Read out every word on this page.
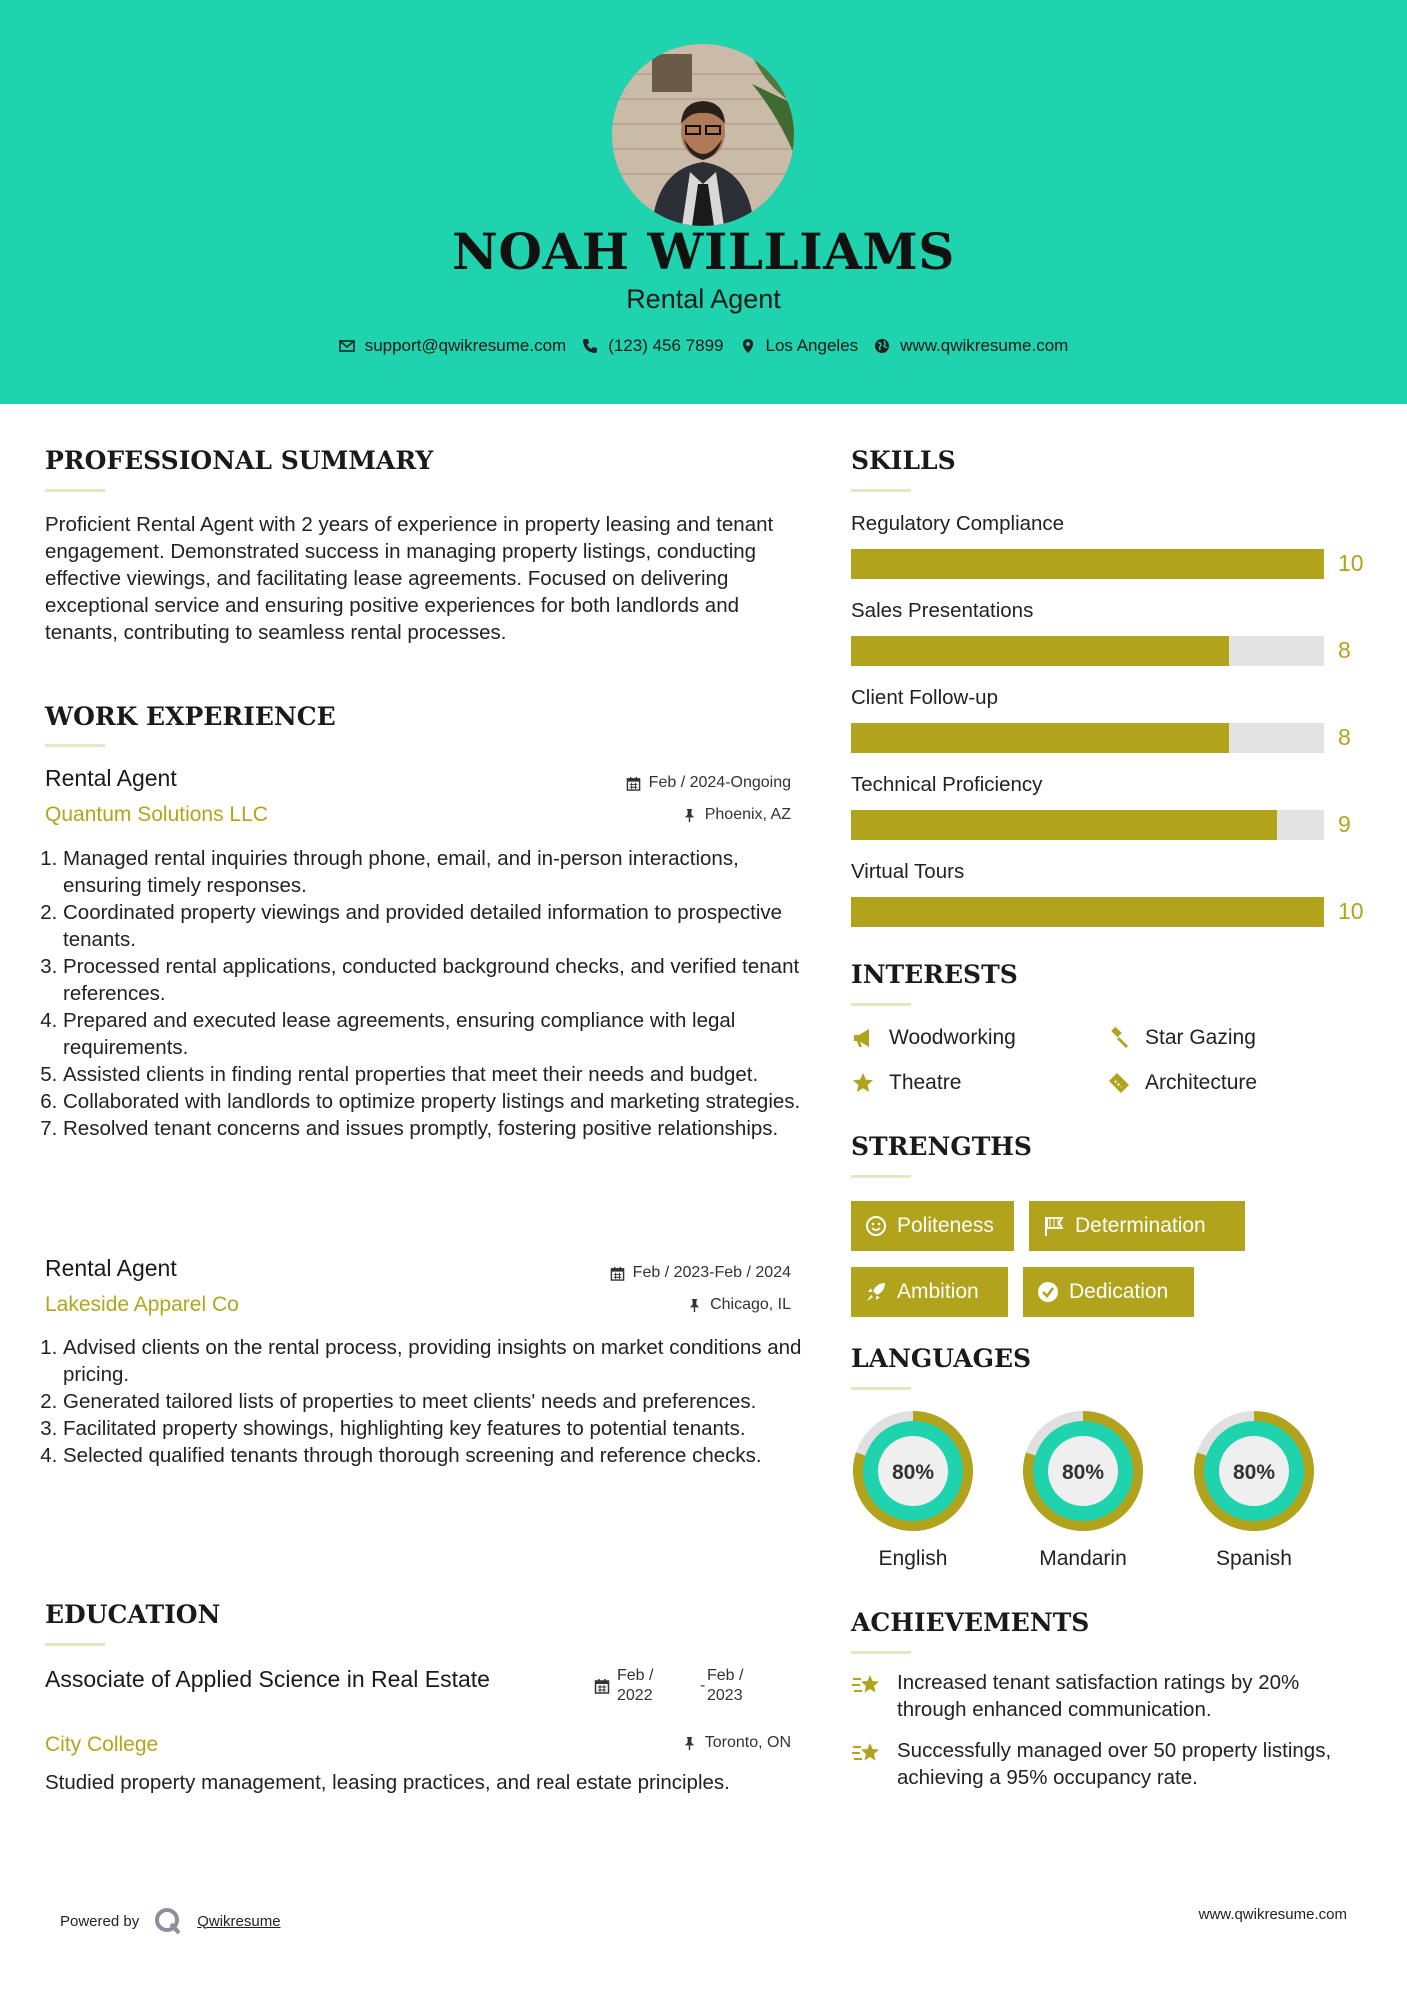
NOAH WILLIAMS
Rental Agent
support@qwikresume.com (123) 456 7899 Los Angeles www.qwikresume.com
PROFESSIONAL SUMMARY
Proficient Rental Agent with 2 years of experience in property leasing and tenant engagement. Demonstrated success in managing property listings, conducting effective viewings, and facilitating lease agreements. Focused on delivering exceptional service and ensuring positive experiences for both landlords and tenants, contributing to seamless rental processes.
WORK EXPERIENCE
Rental Agent	Feb / 2024-Ongoing
Quantum Solutions LLC	Phoenix, AZ
1. Managed rental inquiries through phone, email, and in-person interactions, ensuring timely responses.
2. Coordinated property viewings and provided detailed information to prospective tenants.
3. Processed rental applications, conducted background checks, and verified tenant references.
4. Prepared and executed lease agreements, ensuring compliance with legal requirements.
5. Assisted clients in finding rental properties that meet their needs and budget.
6. Collaborated with landlords to optimize property listings and marketing strategies.
7. Resolved tenant concerns and issues promptly, fostering positive relationships.
Rental Agent	Feb / 2023-Feb / 2024
Lakeside Apparel Co	Chicago, IL
1. Advised clients on the rental process, providing insights on market conditions and pricing.
2. Generated tailored lists of properties to meet clients' needs and preferences.
3. Facilitated property showings, highlighting key features to potential tenants.
4. Selected qualified tenants through thorough screening and reference checks.
EDUCATION
Associate of Applied Science in Real Estate	Feb / 2022
-
Feb / 2023
City College	Toronto, ON
Studied property management, leasing practices, and real estate principles.
SKILLS
Regulatory Compliance
10
Sales Presentations
8
Client Follow-up
8
Technical Proficiency
9
Virtual Tours
10
INTERESTS
Woodworking	Star Gazing
Theatre	Architecture
STRENGTHS
Politeness	Determination
Ambition	Dedication
LANGUAGES
80%
English
80%
Mandarin
80%
Spanish
ACHIEVEMENTS
Increased tenant satisfaction ratings by 20% through enhanced communication.
Successfully managed over 50 property listings, achieving a 95% occupancy rate.
Powered by	Qwikresume	www.qwikresume.com
